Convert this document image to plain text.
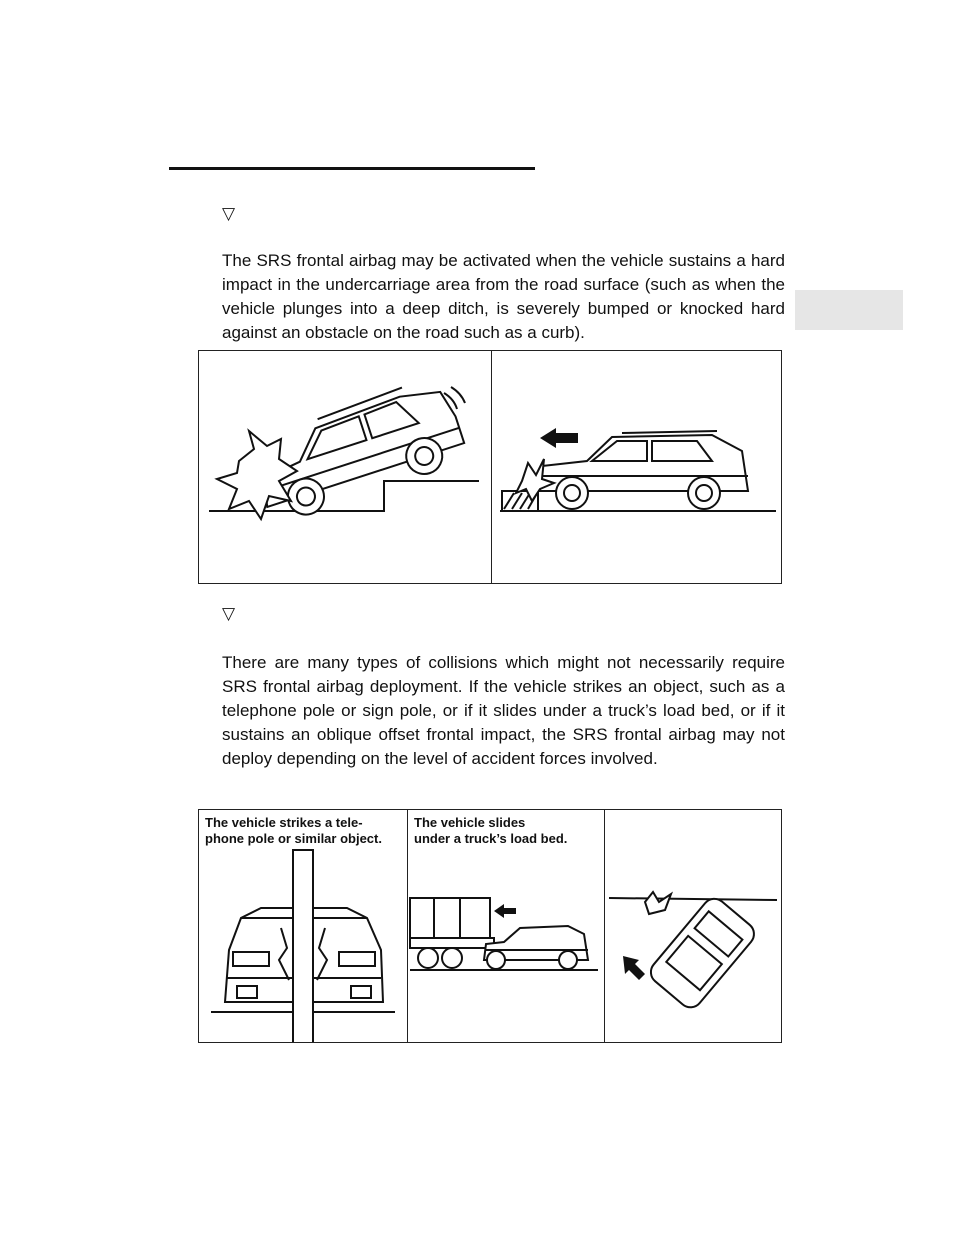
▽

The SRS frontal airbag may be activated when the vehicle sustains a hard impact in the undercarriage area from the road surface (such as when the vehicle plunges into a deep ditch, is severely bumped or knocked hard against an obstacle on the road such as a curb).

▽

There are many types of collisions which might not necessarily require SRS frontal airbag deployment. If the vehicle strikes an object, such as a telephone pole or sign pole, or if it slides under a truck’s load bed, or if it sustains an oblique offset frontal impact, the SRS frontal airbag may not deploy depending on the level of accident forces involved.

The vehicle strikes a tele-
phone pole or similar object.

The vehicle slides
under a truck’s load bed.
